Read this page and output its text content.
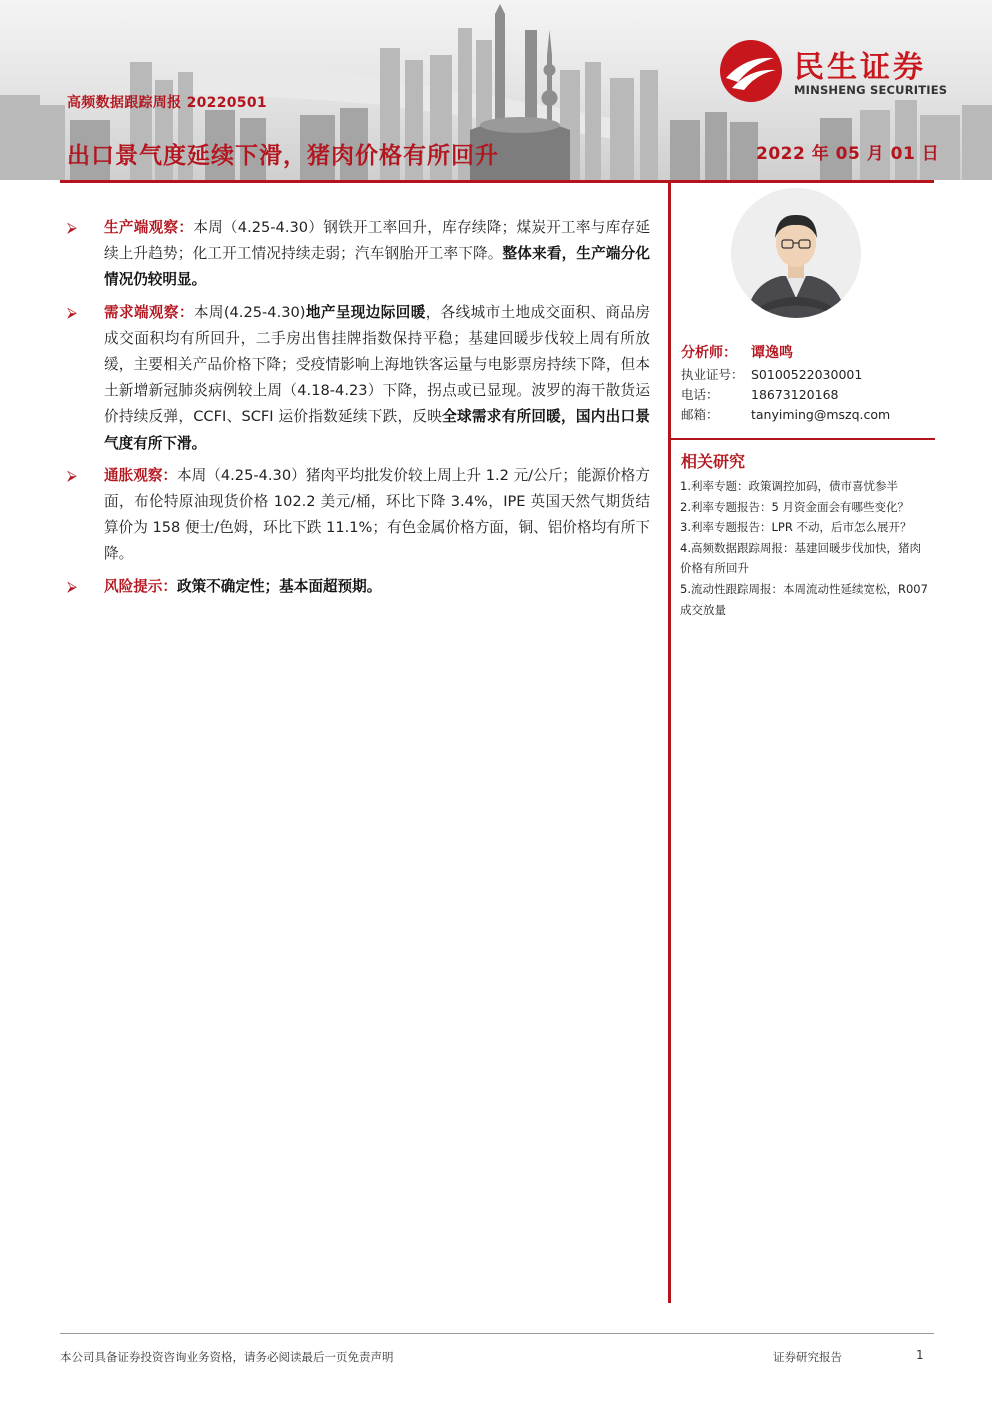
民生证券
MINSHENG SECURITIES
高频数据跟踪周报 20220501
出口景气度延续下滑，猪肉价格有所回升	2022 年 05 月 01 日

⮚ 生产端观察：本周（4.25-4.30）钢铁开工率回升，库存续降；煤炭开工率与库存延续上升趋势；化工开工情况持续走弱；汽车钢胎开工率下降。整体来看，生产端分化情况仍较明显。

⮚ 需求端观察：本周(4.25-4.30)地产呈现边际回暖，各线城市土地成交面积、商品房成交面积均有所回升，二手房出售挂牌指数保持平稳；基建回暖步伐较上周有所放缓，主要相关产品价格下降；受疫情影响上海地铁客运量与电影票房持续下降，但本土新增新冠肺炎病例较上周（4.18-4.23）下降，拐点或已显现。波罗的海干散货运价持续反弹，CCFI、SCFI 运价指数延续下跌，反映全球需求有所回暖，国内出口景气度有所下滑。

⮚ 通胀观察：本周（4.25-4.30）猪肉平均批发价较上周上升 1.2 元/公斤；能源价格方面，布伦特原油现货价格 102.2 美元/桶，环比下降 3.4%，IPE 英国天然气期货结算价为 158 便士/色姆，环比下跌 11.1%；有色金属价格方面，铜、铝价格均有所下降。

⮚ 风险提示：政策不确定性；基本面超预期。

分析师：	谭逸鸣
执业证号： S0100522030001
电话：	18673120168
邮箱：	tanyiming@mszq.com
相关研究
1.利率专题：政策调控加码，债市喜忧参半
2.利率专题报告：5 月资金面会有哪些变化？
3.利率专题报告：LPR 不动，后市怎么展开？
4.高频数据跟踪周报：基建回暖步伐加快，猪肉价格有所回升
5.流动性跟踪周报：本周流动性延续宽松，R007 成交放量
本公司具备证券投资咨询业务资格，请务必阅读最后一页免责声明	证券研究报告	1
